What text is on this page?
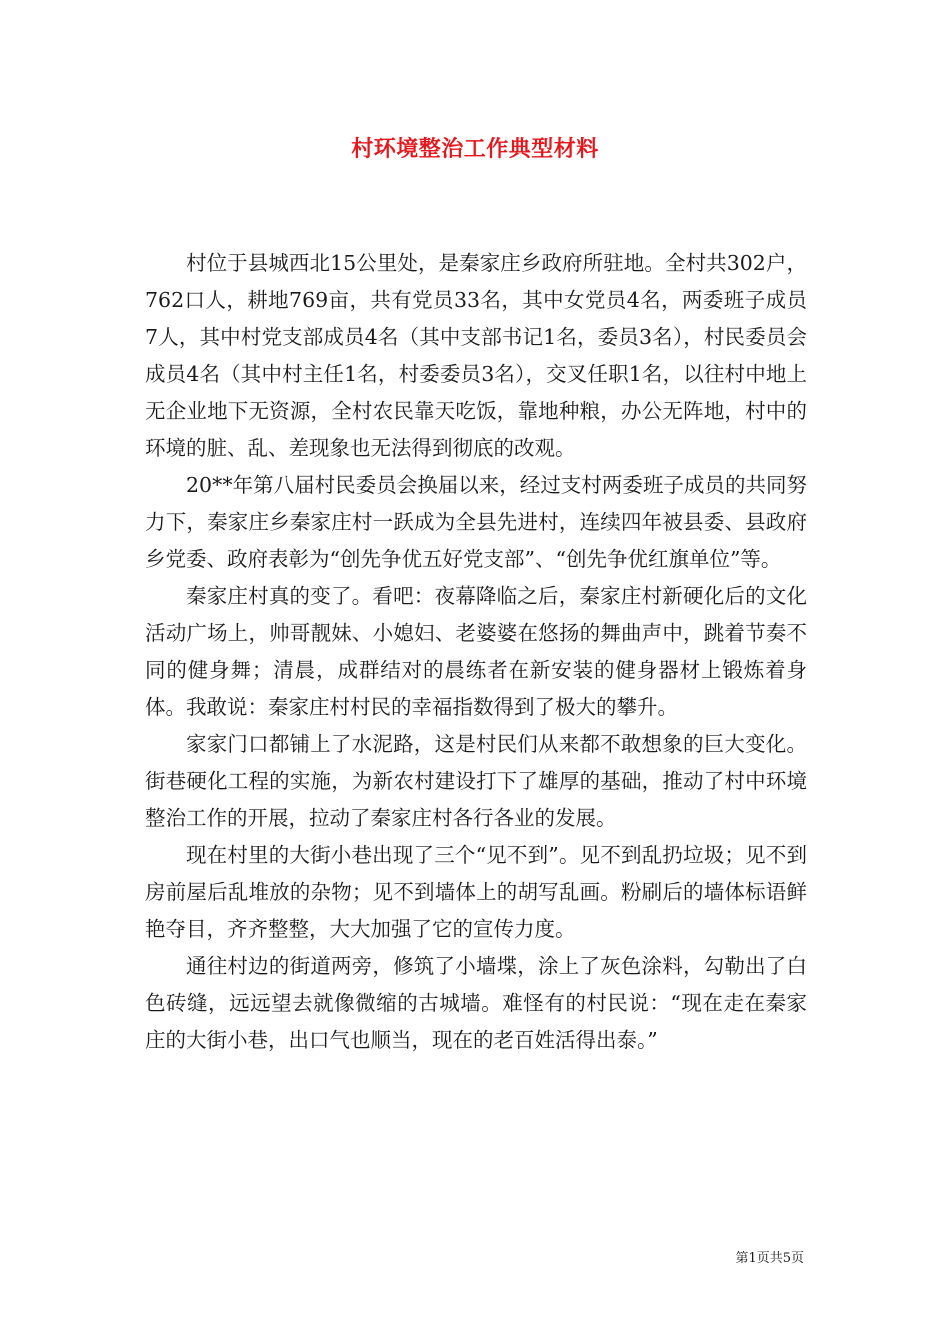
村环境整治工作典型材料

村位于县城西北15公里处，是秦家庄乡政府所驻地。全村共302户，762口人，耕地769亩，共有党员33名，其中女党员4名，两委班子成员7人，其中村党支部成员4名（其中支部书记1名，委员3名），村民委员会成员4名（其中村主任1名，村委委员3名），交叉任职1名，以往村中地上无企业地下无资源，全村农民靠天吃饭，靠地种粮，办公无阵地，村中的环境的脏、乱、差现象也无法得到彻底的改观。

20**年第八届村民委员会换届以来，经过支村两委班子成员的共同努力下，秦家庄乡秦家庄村一跃成为全县先进村，连续四年被县委、县政府乡党委、政府表彰为“创先争优五好党支部”、“创先争优红旗单位”等。

秦家庄村真的变了。看吧：夜幕降临之后，秦家庄村新硬化后的文化活动广场上，帅哥靓妹、小媳妇、老婆婆在悠扬的舞曲声中，跳着节奏不同的健身舞；清晨，成群结对的晨练者在新安装的健身器材上锻炼着身体。我敢说：秦家庄村村民的幸福指数得到了极大的攀升。

家家门口都铺上了水泥路，这是村民们从来都不敢想象的巨大变化。街巷硬化工程的实施，为新农村建设打下了雄厚的基础，推动了村中环境整治工作的开展，拉动了秦家庄村各行各业的发展。

现在村里的大街小巷出现了三个“见不到”。见不到乱扔垃圾；见不到房前屋后乱堆放的杂物；见不到墙体上的胡写乱画。粉刷后的墙体标语鲜艳夺目，齐齐整整，大大加强了它的宣传力度。

通往村边的街道两旁，修筑了小墙堞，涂上了灰色涂料，勾勒出了白色砖缝，远远望去就像微缩的古城墙。难怪有的村民说：“现在走在秦家庄的大街小巷，出口气也顺当，现在的老百姓活得出泰。”

第1页共5页
